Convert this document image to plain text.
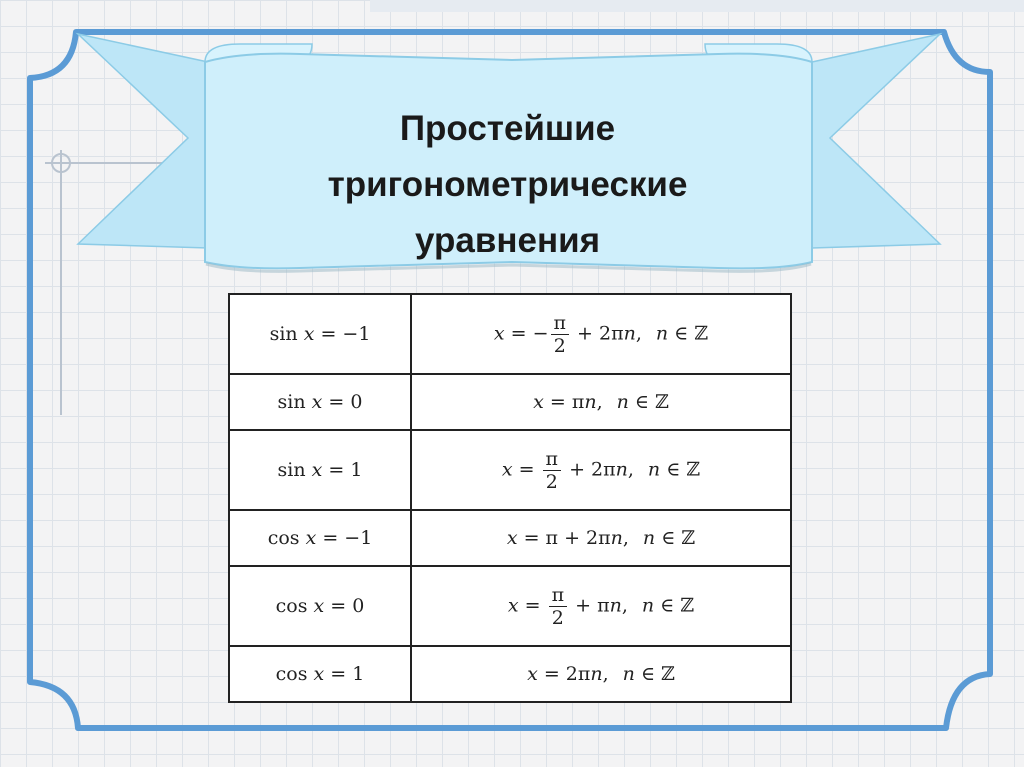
Простейшие
тригонометрические
уравнения
sin x = −1	x = − $\frac{\pi}{2} + 2\pi n$, n ∈ ℤ
sin x = 0	x = πn, n ∈ ℤ
sin x = 1	$x = \frac{\pi}{2} + 2\pi n$, n ∈ ℤ
cos x = −1	x = π + 2πn, n ∈ ℤ
cos x = 0	$x = \frac{\pi}{2} + \pi n$, n ∈ ℤ
cos x = 1	x = 2πn, n ∈ ℤ
